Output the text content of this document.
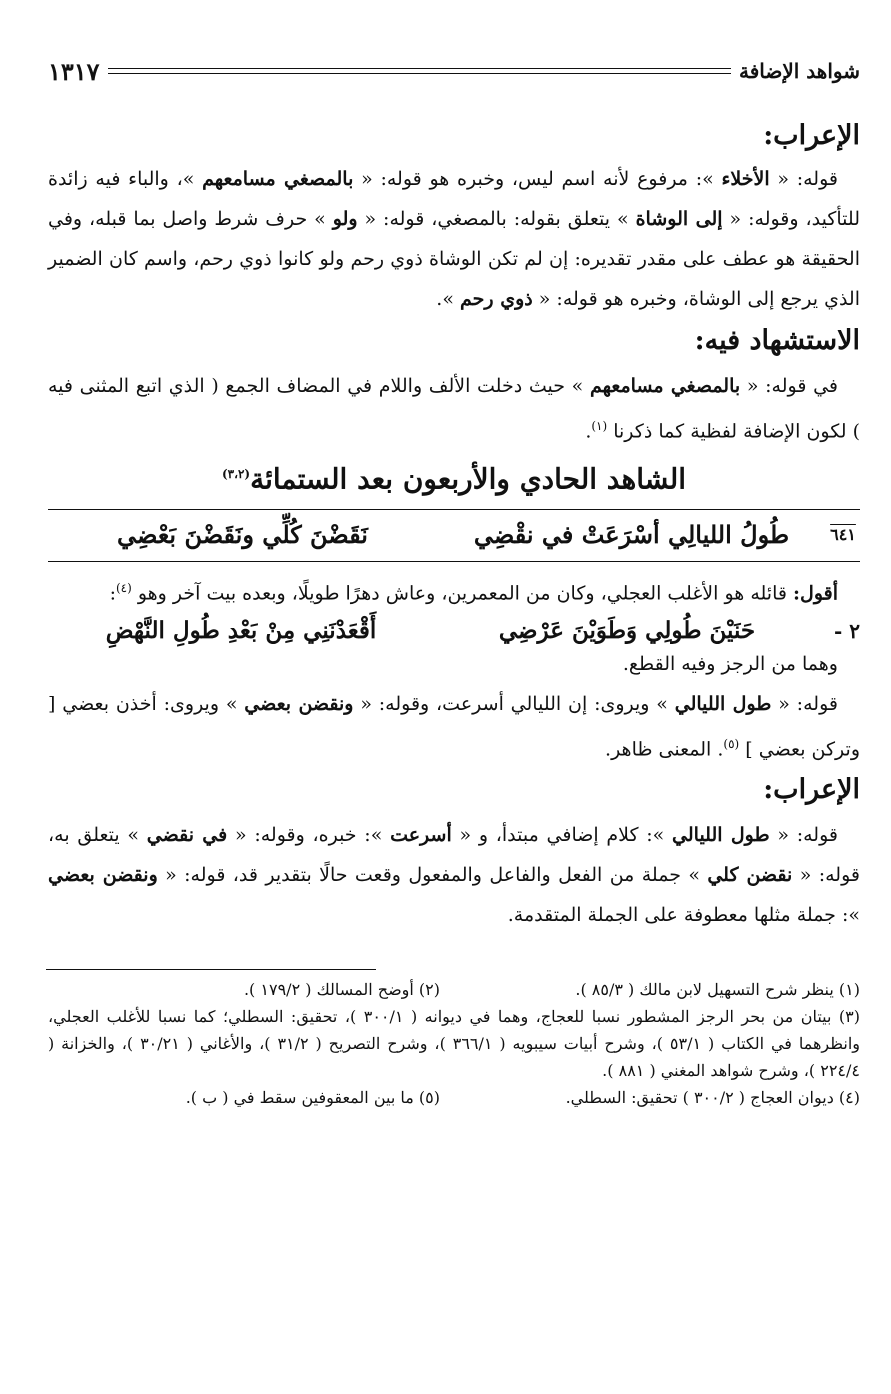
شواهد الإضافة
١٣١٧
الإعراب:

قوله: « الأخلاء »: مرفوع لأنه اسم ليس، وخبره هو قوله: « بالمصغي مسامعهم »، والباء فيه زائدة للتأكيد، وقوله: « إلى الوشاة » يتعلق بقوله: بالمصغي، قوله: « ولو » حرف شرط واصل بما قبله، وفي الحقيقة هو عطف على مقدر تقديره: إن لم تكن الوشاة ذوي رحم ولو كانوا ذوي رحم، واسم كان الضمير الذي يرجع إلى الوشاة، وخبره هو قوله: « ذوي رحم ».

الاستشهاد فيه:

في قوله: « بالمصغي مسامعهم » حيث دخلت الألف واللام في المضاف الجمع ( الذي اتبع المثنى فيه ) لكون الإضافة لفظية كما ذكرنا $^{(١)}$.

الشاهد الحادي والأربعون بعد الستمائة$^{(٣،٢)}$
٦٤١
طُولُ الليالِي أسْرَعَتْ في نقْضِي
نَقَضْنَ كُلِّي ونَقَضْنَ بَعْضِي

أقول: قائله هو الأغلب العجلي، وكان من المعمرين، وعاش دهرًا طويلًا، وبعده بيت آخر وهو $^{(٤)}$:

٢ -
حَنَيْنَ طُولِي وَطَوَيْنَ عَرْضِي
أَقْعَدْنَنِي مِنْ بَعْدِ طُولِ النَّهْضِ

وهما من الرجز وفيه القطع.

قوله: « طول الليالي » ويروى: إن الليالي أسرعت، وقوله: « ونقضن بعضي » ويروى: أخذن بعضي [ وتركن بعضي ] $^{(٥)}$. المعنى ظاهر.

الإعراب:

قوله: « طول الليالي »: كلام إضافي مبتدأ، و « أسرعت »: خبره، وقوله: « في نقضي » يتعلق به، قوله: « نقضن كلي » جملة من الفعل والفاعل والمفعول وقعت حالًا بتقدير قد، قوله: « ونقضن بعضي »: جملة مثلها معطوفة على الجملة المتقدمة.

(١) ينظر شرح التسهيل لابن مالك ( ٨٥/٣ ).
(٢) أوضح المسالك ( ١٧٩/٢ ).

(٣) بيتان من بحر الرجز المشطور نسبا للعجاج، وهما في ديوانه ( ٣٠٠/١ )، تحقيق: السطلي؛ كما نسبا للأغلب العجلي، وانظرهما في الكتاب ( ٥٣/١ )، وشرح أبيات سيبويه ( ٣٦٦/١ )، وشرح التصريح ( ٣١/٢ )، والأغاني ( ٣٠/٢١ )، والخزانة ( ٢٢٤/٤ )، وشرح شواهد المغني ( ٨٨١ ).

(٤) ديوان العجاج ( ٣٠٠/٢ ) تحقيق: السطلي.
(٥) ما بين المعقوفين سقط في ( ب ).
